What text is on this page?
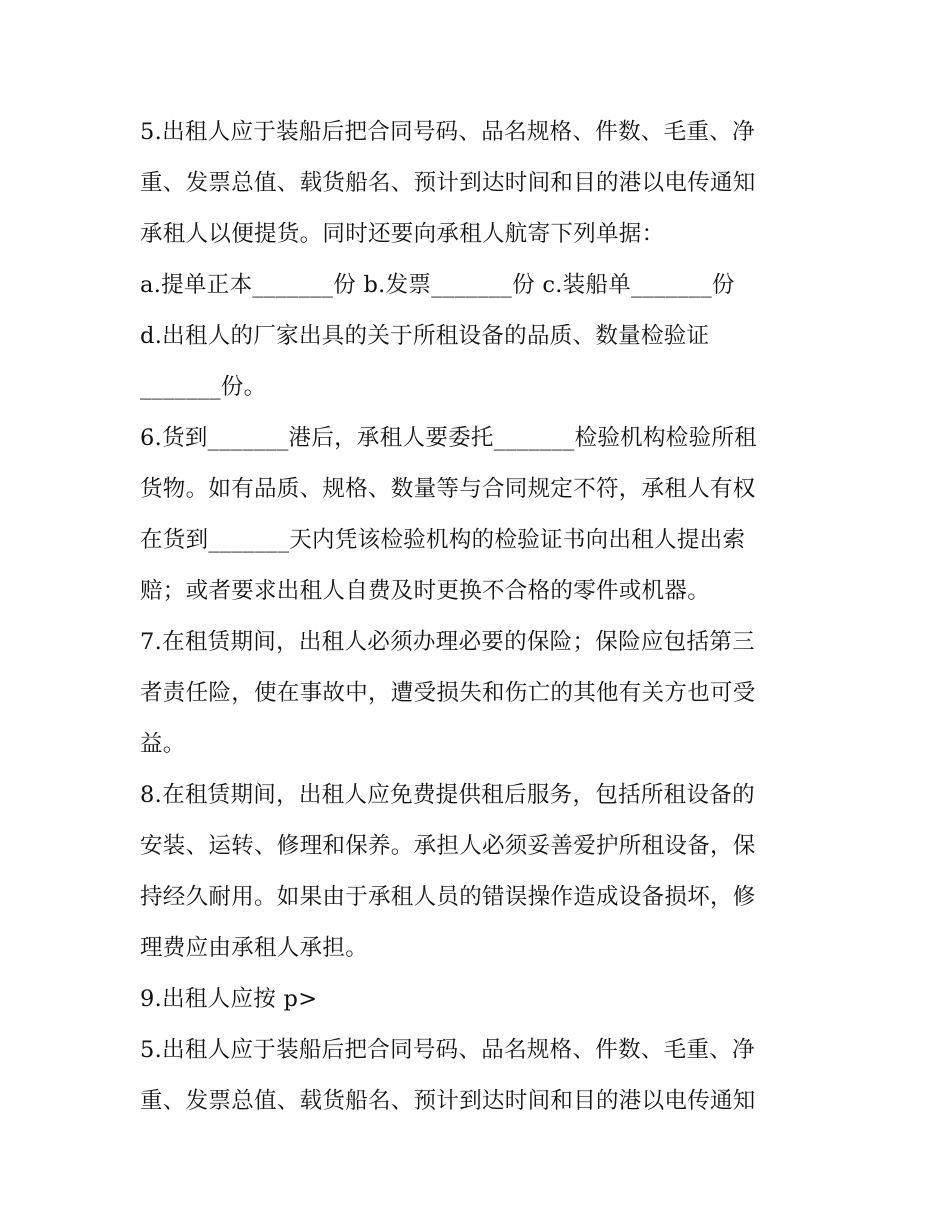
5.出租人应于装船后把合同号码、品名规格、件数、毛重、净
重、发票总值、载货船名、预计到达时间和目的港以电传通知
承租人以便提货。同时还要向承租人航寄下列单据：
a.提单正本_______份 b.发票_______份 c.装船单_______份
d.出租人的厂家出具的关于所租设备的品质、数量检验证
_______份。
6.货到_______港后，承租人要委托_______检验机构检验所租
货物。如有品质、规格、数量等与合同规定不符，承租人有权
在货到_______天内凭该检验机构的检验证书向出租人提出索
赔；或者要求出租人自费及时更换不合格的零件或机器。
7.在租赁期间，出租人必须办理必要的保险；保险应包括第三
者责任险，使在事故中，遭受损失和伤亡的其他有关方也可受
益。
8.在租赁期间，出租人应免费提供租后服务，包括所租设备的
安装、运转、修理和保养。承担人必须妥善爱护所租设备，保
持经久耐用。如果由于承租人员的错误操作造成设备损坏，修
理费应由承租人承担。
9.出租人应按 p>
5.出租人应于装船后把合同号码、品名规格、件数、毛重、净
重、发票总值、载货船名、预计到达时间和目的港以电传通知
